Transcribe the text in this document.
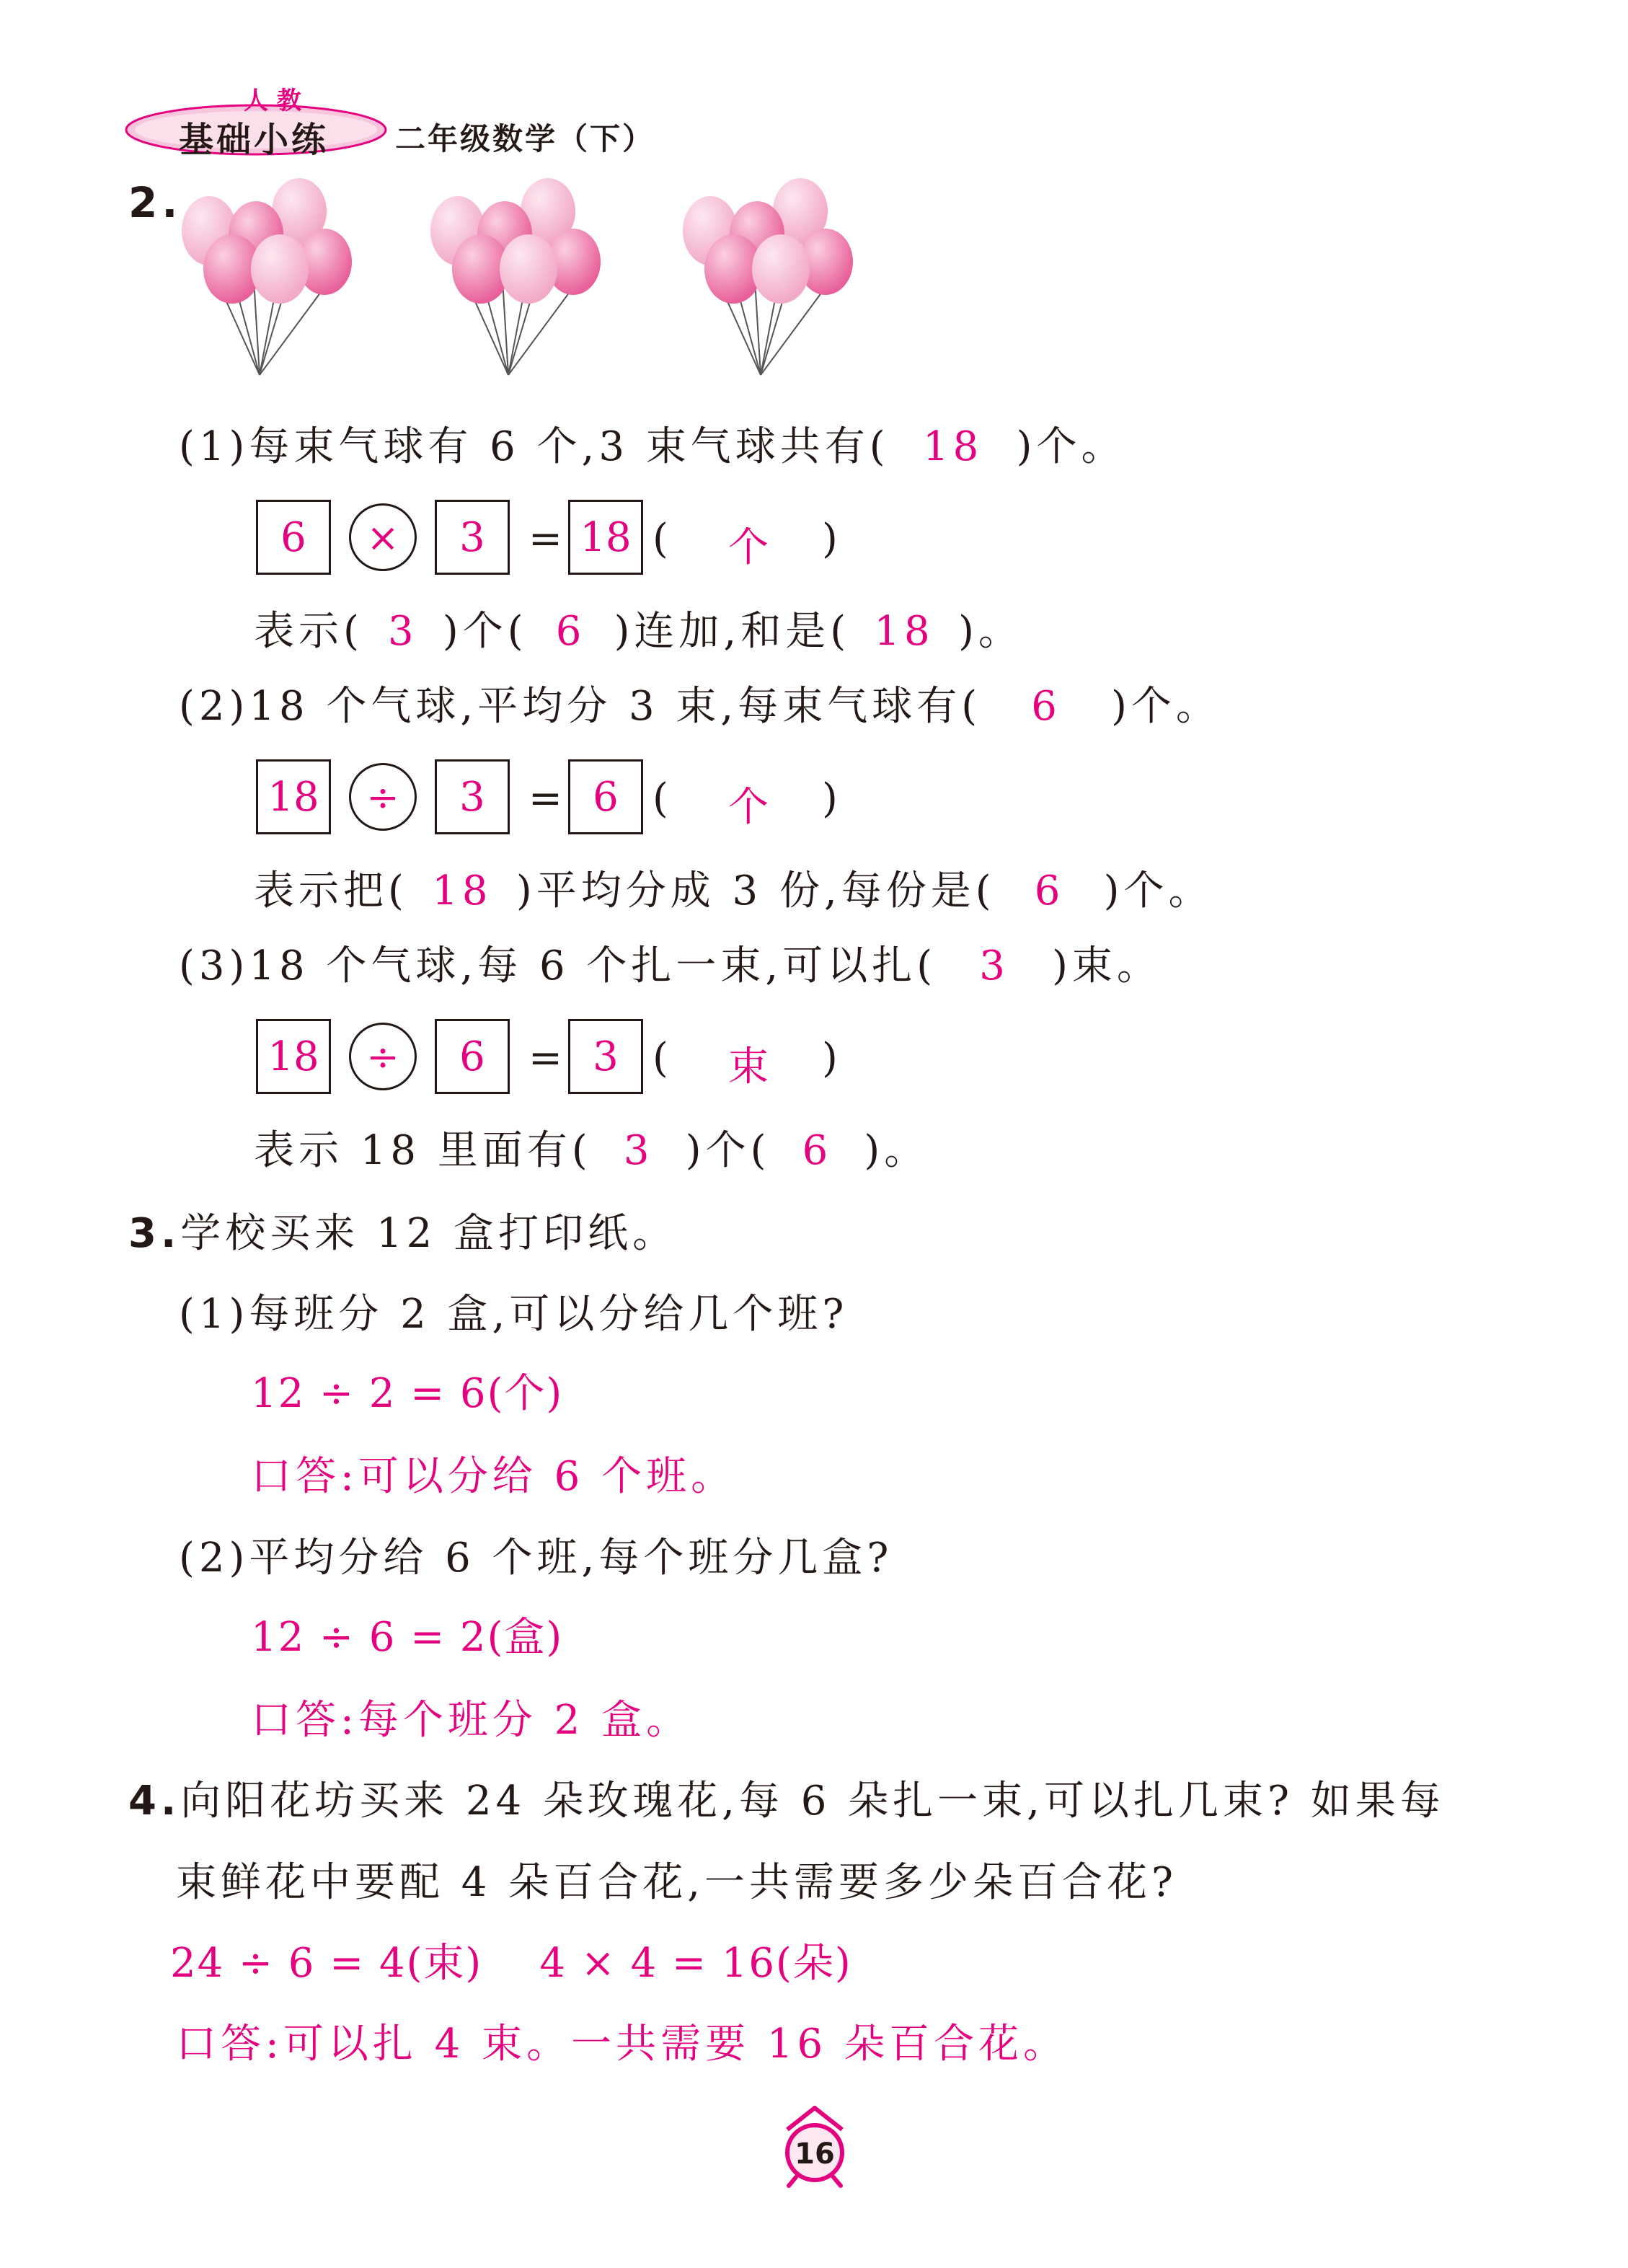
人 教
基础小练 二年级数学（下）
2.
(1)每束气球有 6 个,3 束气球共有( 18 )个。
6	×	3	= 18 ( 个 )
表示( 3 )个( 6 )连加,和是( 18 )。
(2)18 个气球,平均分 3 束,每束气球有( 6 )个。
18	÷	3	= 6 ( 个 )
表示把( 18 )平均分成 3 份,每份是( 6 )个。
(3)18 个气球,每 6 个扎一束,可以扎( 3 )束。
18	÷	6	= 3 ( 束 )
表示 18 里面有( 3 )个( 6 )。
3.学校买来 12 盒打印纸。
(1)每班分 2 盒,可以分给几个班?
12 ÷ 2 = 6(个)
口答:可以分给 6 个班。
(2)平均分给 6 个班,每个班分几盒?
12 ÷ 6 = 2(盒)
口答:每个班分 2 盒。
4.向阳花坊买来 24 朵玫瑰花,每 6 朵扎一束,可以扎几束? 如果每
束鲜花中要配 4 朵百合花,一共需要多少朵百合花?
24 ÷ 6 = 4(束)    4 × 4 = 16(朵)
口答:可以扎 4 束。一共需要 16 朵百合花。
16
